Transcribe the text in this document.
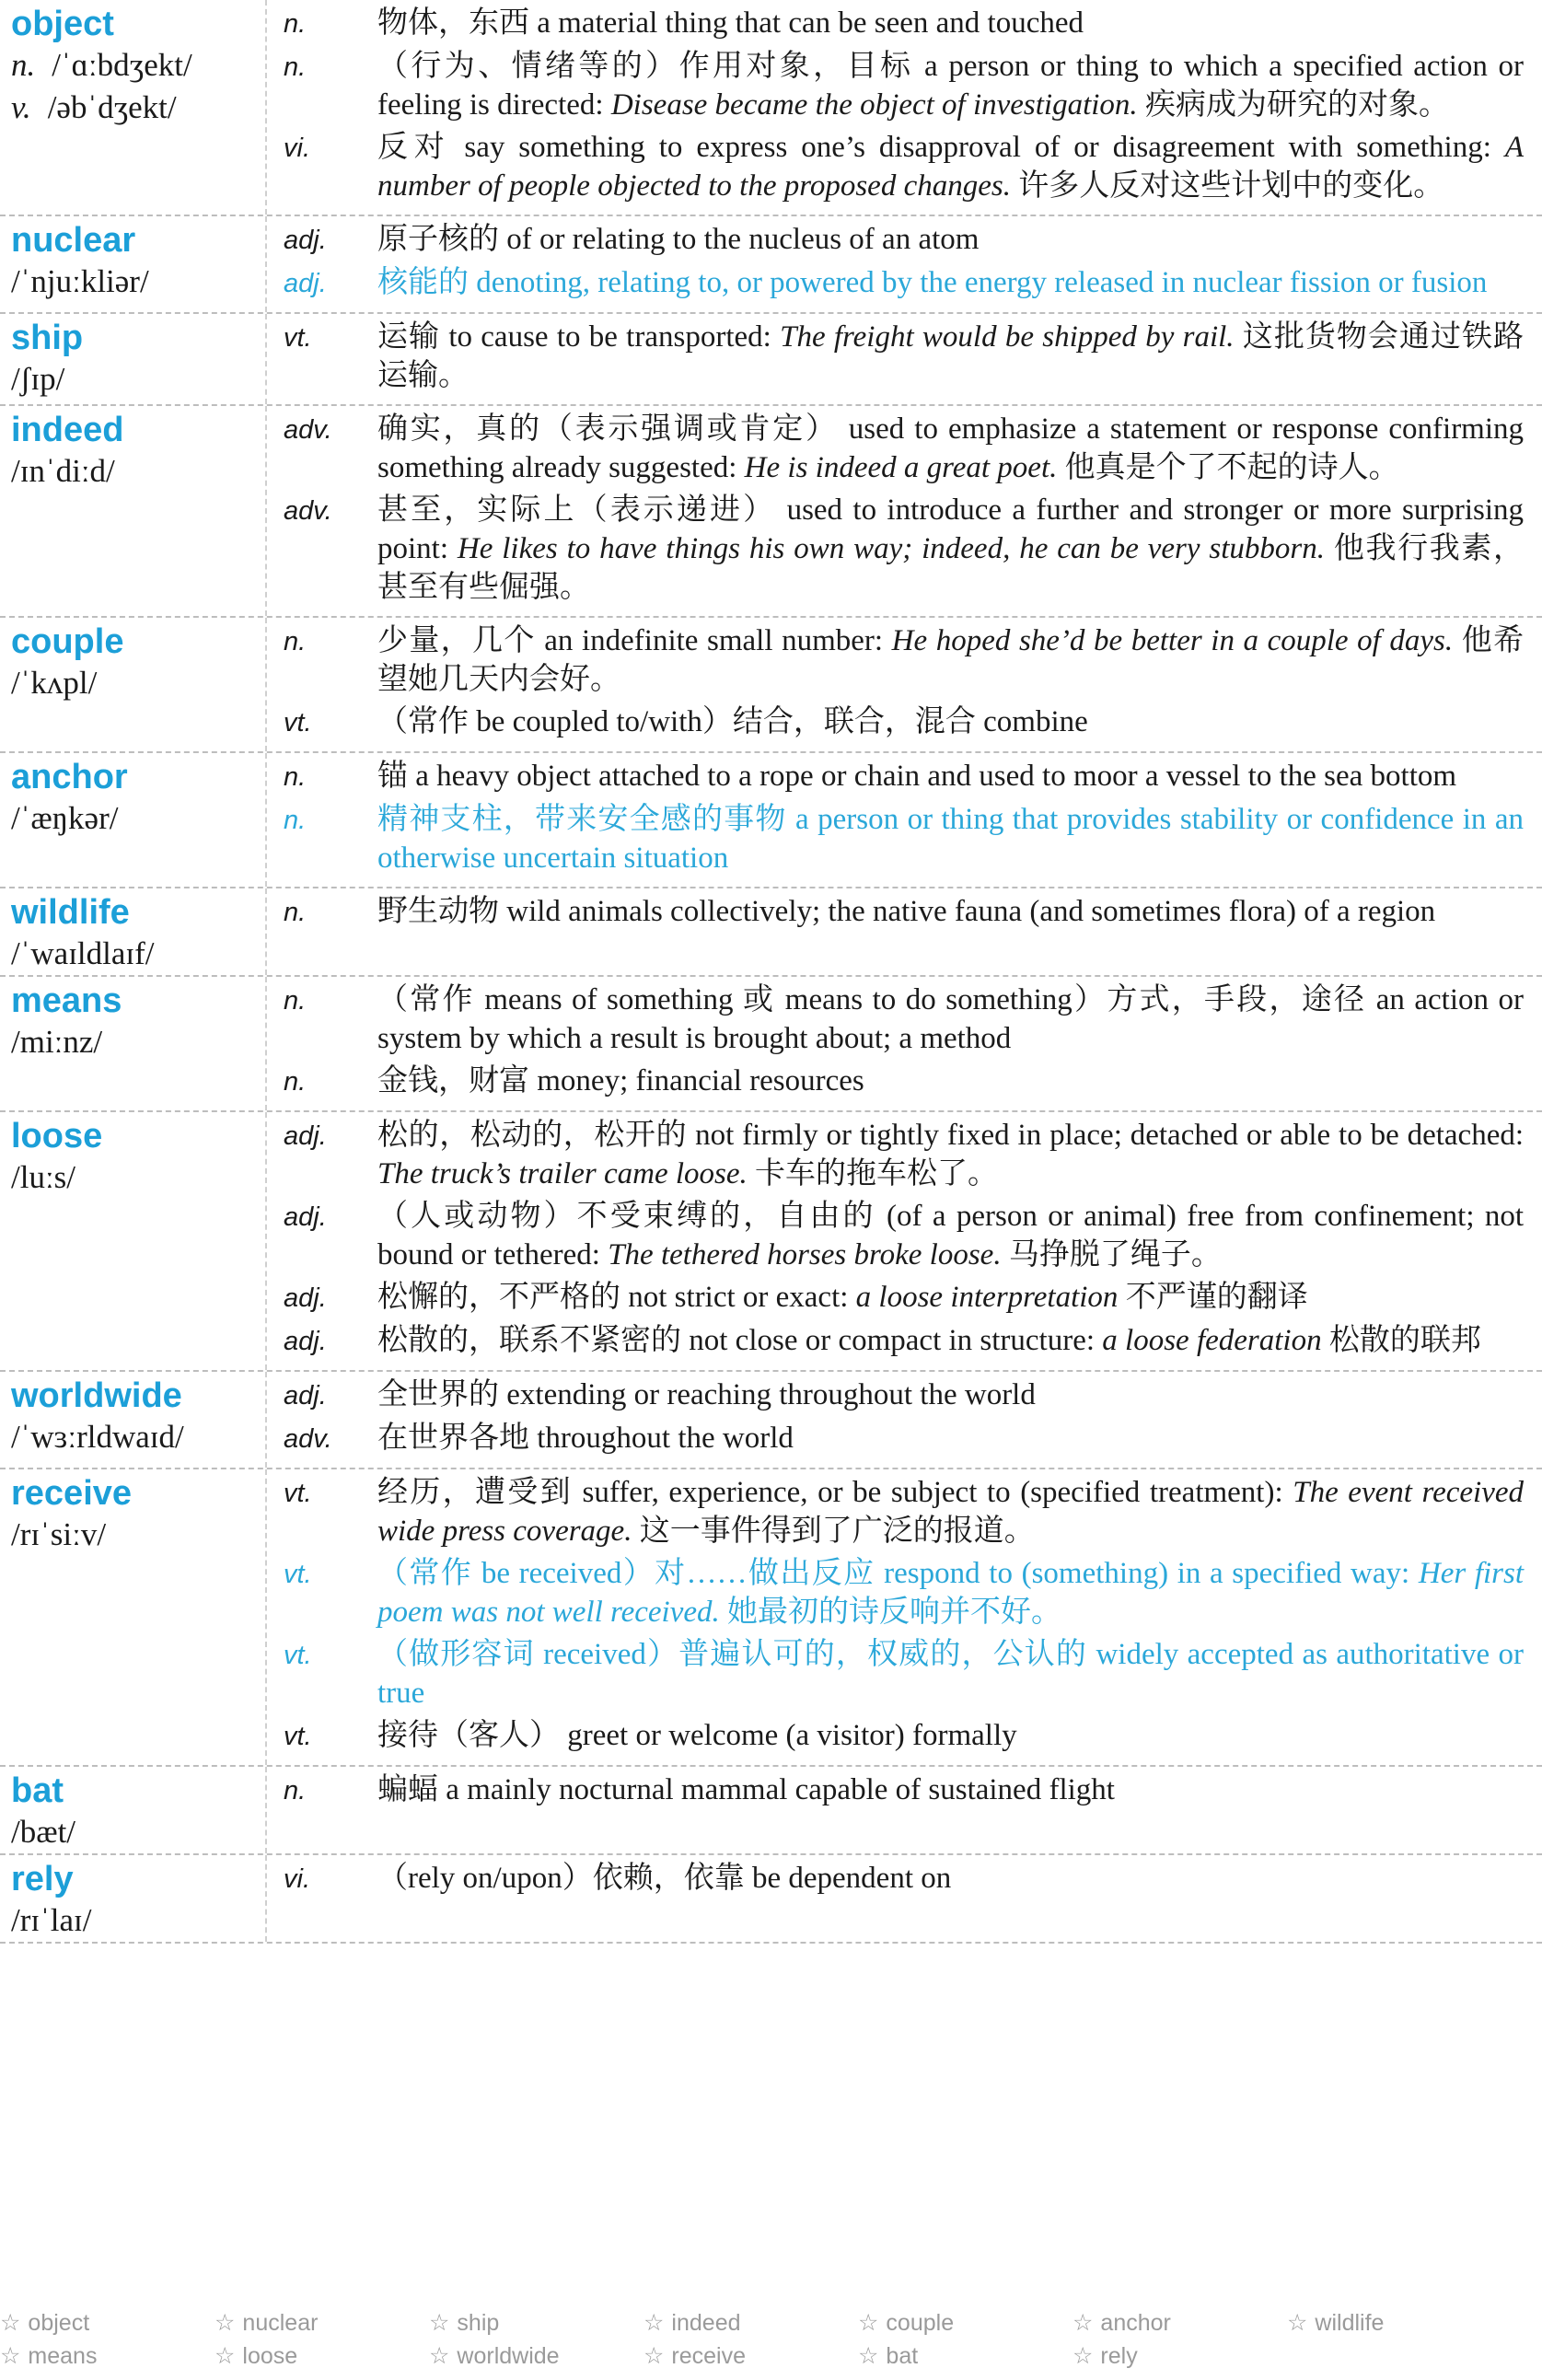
object
n. /ˈɑːbdʒekt/
v. /əbˈdʒekt/
n.	物体，东西 a material thing that can be seen and touched
n.	（行为、情绪等的）作用对象，目标 a person or thing to which a specified action or feeling is directed: Disease became the object of investigation. 疾病成为研究的对象。
vi.	反对 say something to express one’s disapproval of or disagreement with something: A number of people objected to the proposed changes. 许多人反对这些计划中的变化。
nuclear
/ˈnjuːkliər/
adj.	原子核的 of or relating to the nucleus of an atom
adj.	核能的 denoting, relating to, or powered by the energy released in nuclear fission or fusion
ship
/ʃɪp/
vt.	运输 to cause to be transported: The freight would be shipped by rail. 这批货物会通过铁路运输。
indeed
/ɪnˈdiːd/
adv.	确实，真的（表示强调或肯定） used to emphasize a statement or response confirming something already suggested: He is indeed a great poet. 他真是个了不起的诗人。
adv.	甚至，实际上（表示递进） used to introduce a further and stronger or more surprising point: He likes to have things his own way; indeed, he can be very stubborn. 他我行我素，甚至有些倔强。
couple
/ˈkʌpl/
n.	少量，几个 an indefinite small number: He hoped she’d be better in a couple of days. 他希望她几天内会好。
vt.	（常作 be coupled to/with）结合，联合，混合 combine
anchor
/ˈæŋkər/
n.	锚 a heavy object attached to a rope or chain and used to moor a vessel to the sea bottom
n.	精神支柱，带来安全感的事物 a person or thing that provides stability or confidence in an otherwise uncertain situation
wildlife
/ˈwaɪldlaɪf/
n.	野生动物 wild animals collectively; the native fauna (and sometimes flora) of a region
means
/miːnz/
n.	（常作 means of something 或 means to do something）方式，手段，途径 an action or system by which a result is brought about; a method
n.	金钱，财富 money; financial resources
loose
/luːs/
adj.	松的，松动的，松开的 not firmly or tightly fixed in place; detached or able to be detached: The truck’s trailer came loose. 卡车的拖车松了。
adj.	（人或动物）不受束缚的，自由的 (of a person or animal) free from confinement; not bound or tethered: The tethered horses broke loose. 马挣脱了绳子。
adj.	松懈的，不严格的 not strict or exact: a loose interpretation 不严谨的翻译
adj.	松散的，联系不紧密的 not close or compact in structure: a loose federation 松散的联邦
worldwide
/ˈwɜːrldwaɪd/
adj.	全世界的 extending or reaching throughout the world
adv.	在世界各地 throughout the world
receive
/rɪˈsiːv/
vt.	经历，遭受到 suffer, experience, or be subject to (specified treatment): The event received wide press coverage. 这一事件得到了广泛的报道。
vt.	（常作 be received）对……做出反应 respond to (something) in a specified way: Her first poem was not well received. 她最初的诗反响并不好。
vt.	（做形容词 received）普遍认可的，权威的，公认的 widely accepted as authoritative or true
vt.	接待（客人） greet or welcome (a visitor) formally
bat
/bæt/
n.	蝙蝠 a mainly nocturnal mammal capable of sustained flight
rely
/rɪˈlaɪ/
vi.	（rely on/upon）依赖，依靠 be dependent on
☆ object	☆ nuclear	☆ ship	☆ indeed	☆ couple	☆ anchor	☆ wildlife
☆ means	☆ loose	☆ worldwide	☆ receive	☆ bat	☆ rely
